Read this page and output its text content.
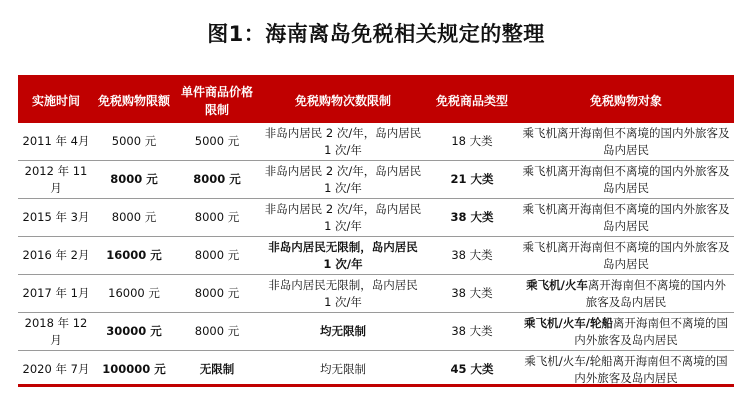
图1：海南离岛免税相关规定的整理
实施时间	免税购物限额	单件商品价格限制	免税购物次数限制	免税商品类型	免税购物对象
2011 年 4月	5000 元	5000 元	非岛内居民 2 次/年，岛内居民 1 次/年	18 大类	乘飞机离开海南但不离境的国内外旅客及岛内居民
2012 年 11月	8000 元	8000 元	非岛内居民 2 次/年，岛内居民 1 次/年	21 大类	乘飞机离开海南但不离境的国内外旅客及岛内居民
2015 年 3月	8000 元	8000 元	非岛内居民 2 次/年，岛内居民 1 次/年	38 大类	乘飞机离开海南但不离境的国内外旅客及岛内居民
2016 年 2月	16000 元	8000 元	非岛内居民无限制，岛内居民 1 次/年	38 大类	乘飞机离开海南但不离境的国内外旅客及岛内居民
2017 年 1月	16000 元	8000 元	非岛内居民无限制，岛内居民 1 次/年	38 大类	乘飞机/火车离开海南但不离境的国内外旅客及岛内居民
2018 年 12月	30000 元	8000 元	均无限制	38 大类	乘飞机/火车/轮船离开海南但不离境的国内外旅客及岛内居民
2020 年 7月	100000 元	无限制	均无限制	45 大类	乘飞机/火车/轮船离开海南但不离境的国内外旅客及岛内居民
